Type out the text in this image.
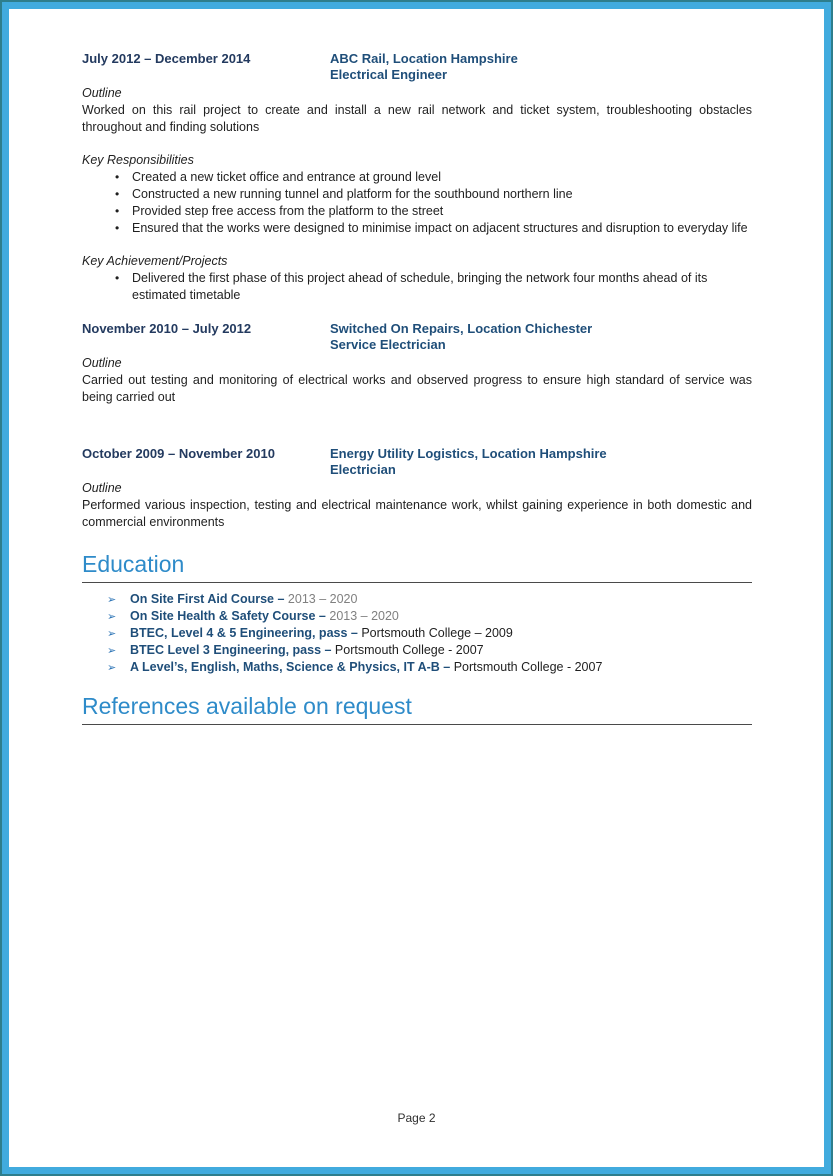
July 2012 – December 2014	ABC Rail, Location Hampshire
Electrical Engineer
Outline

Worked on this rail project to create and install a new rail network and ticket system, troubleshooting obstacles throughout and finding solutions

Key Responsibilities
• Created a new ticket office and entrance at ground level
• Constructed a new running tunnel and platform for the southbound northern line
• Provided step free access from the platform to the street
• Ensured that the works were designed to minimise impact on adjacent structures and disruption to everyday life
Key Achievement/Projects
• Delivered the first phase of this project ahead of schedule, bringing the network four months ahead of its estimated timetable
November 2010 – July 2012	Switched On Repairs, Location Chichester
Service Electrician
Outline

Carried out testing and monitoring of electrical works and observed progress to ensure high standard of service was being carried out

October 2009 – November 2010	Energy Utility Logistics, Location Hampshire
Electrician
Outline

Performed various inspection, testing and electrical maintenance work, whilst gaining experience in both domestic and commercial environments

Education
➢ On Site First Aid Course – 2013 – 2020
➢ On Site Health & Safety Course – 2013 – 2020
➢ BTEC, Level 4 & 5 Engineering, pass – Portsmouth College – 2009
➢ BTEC Level 3 Engineering, pass – Portsmouth College - 2007
➢ A Level’s, English, Maths, Science & Physics, IT A-B – Portsmouth College - 2007
References available on request
Page 2
